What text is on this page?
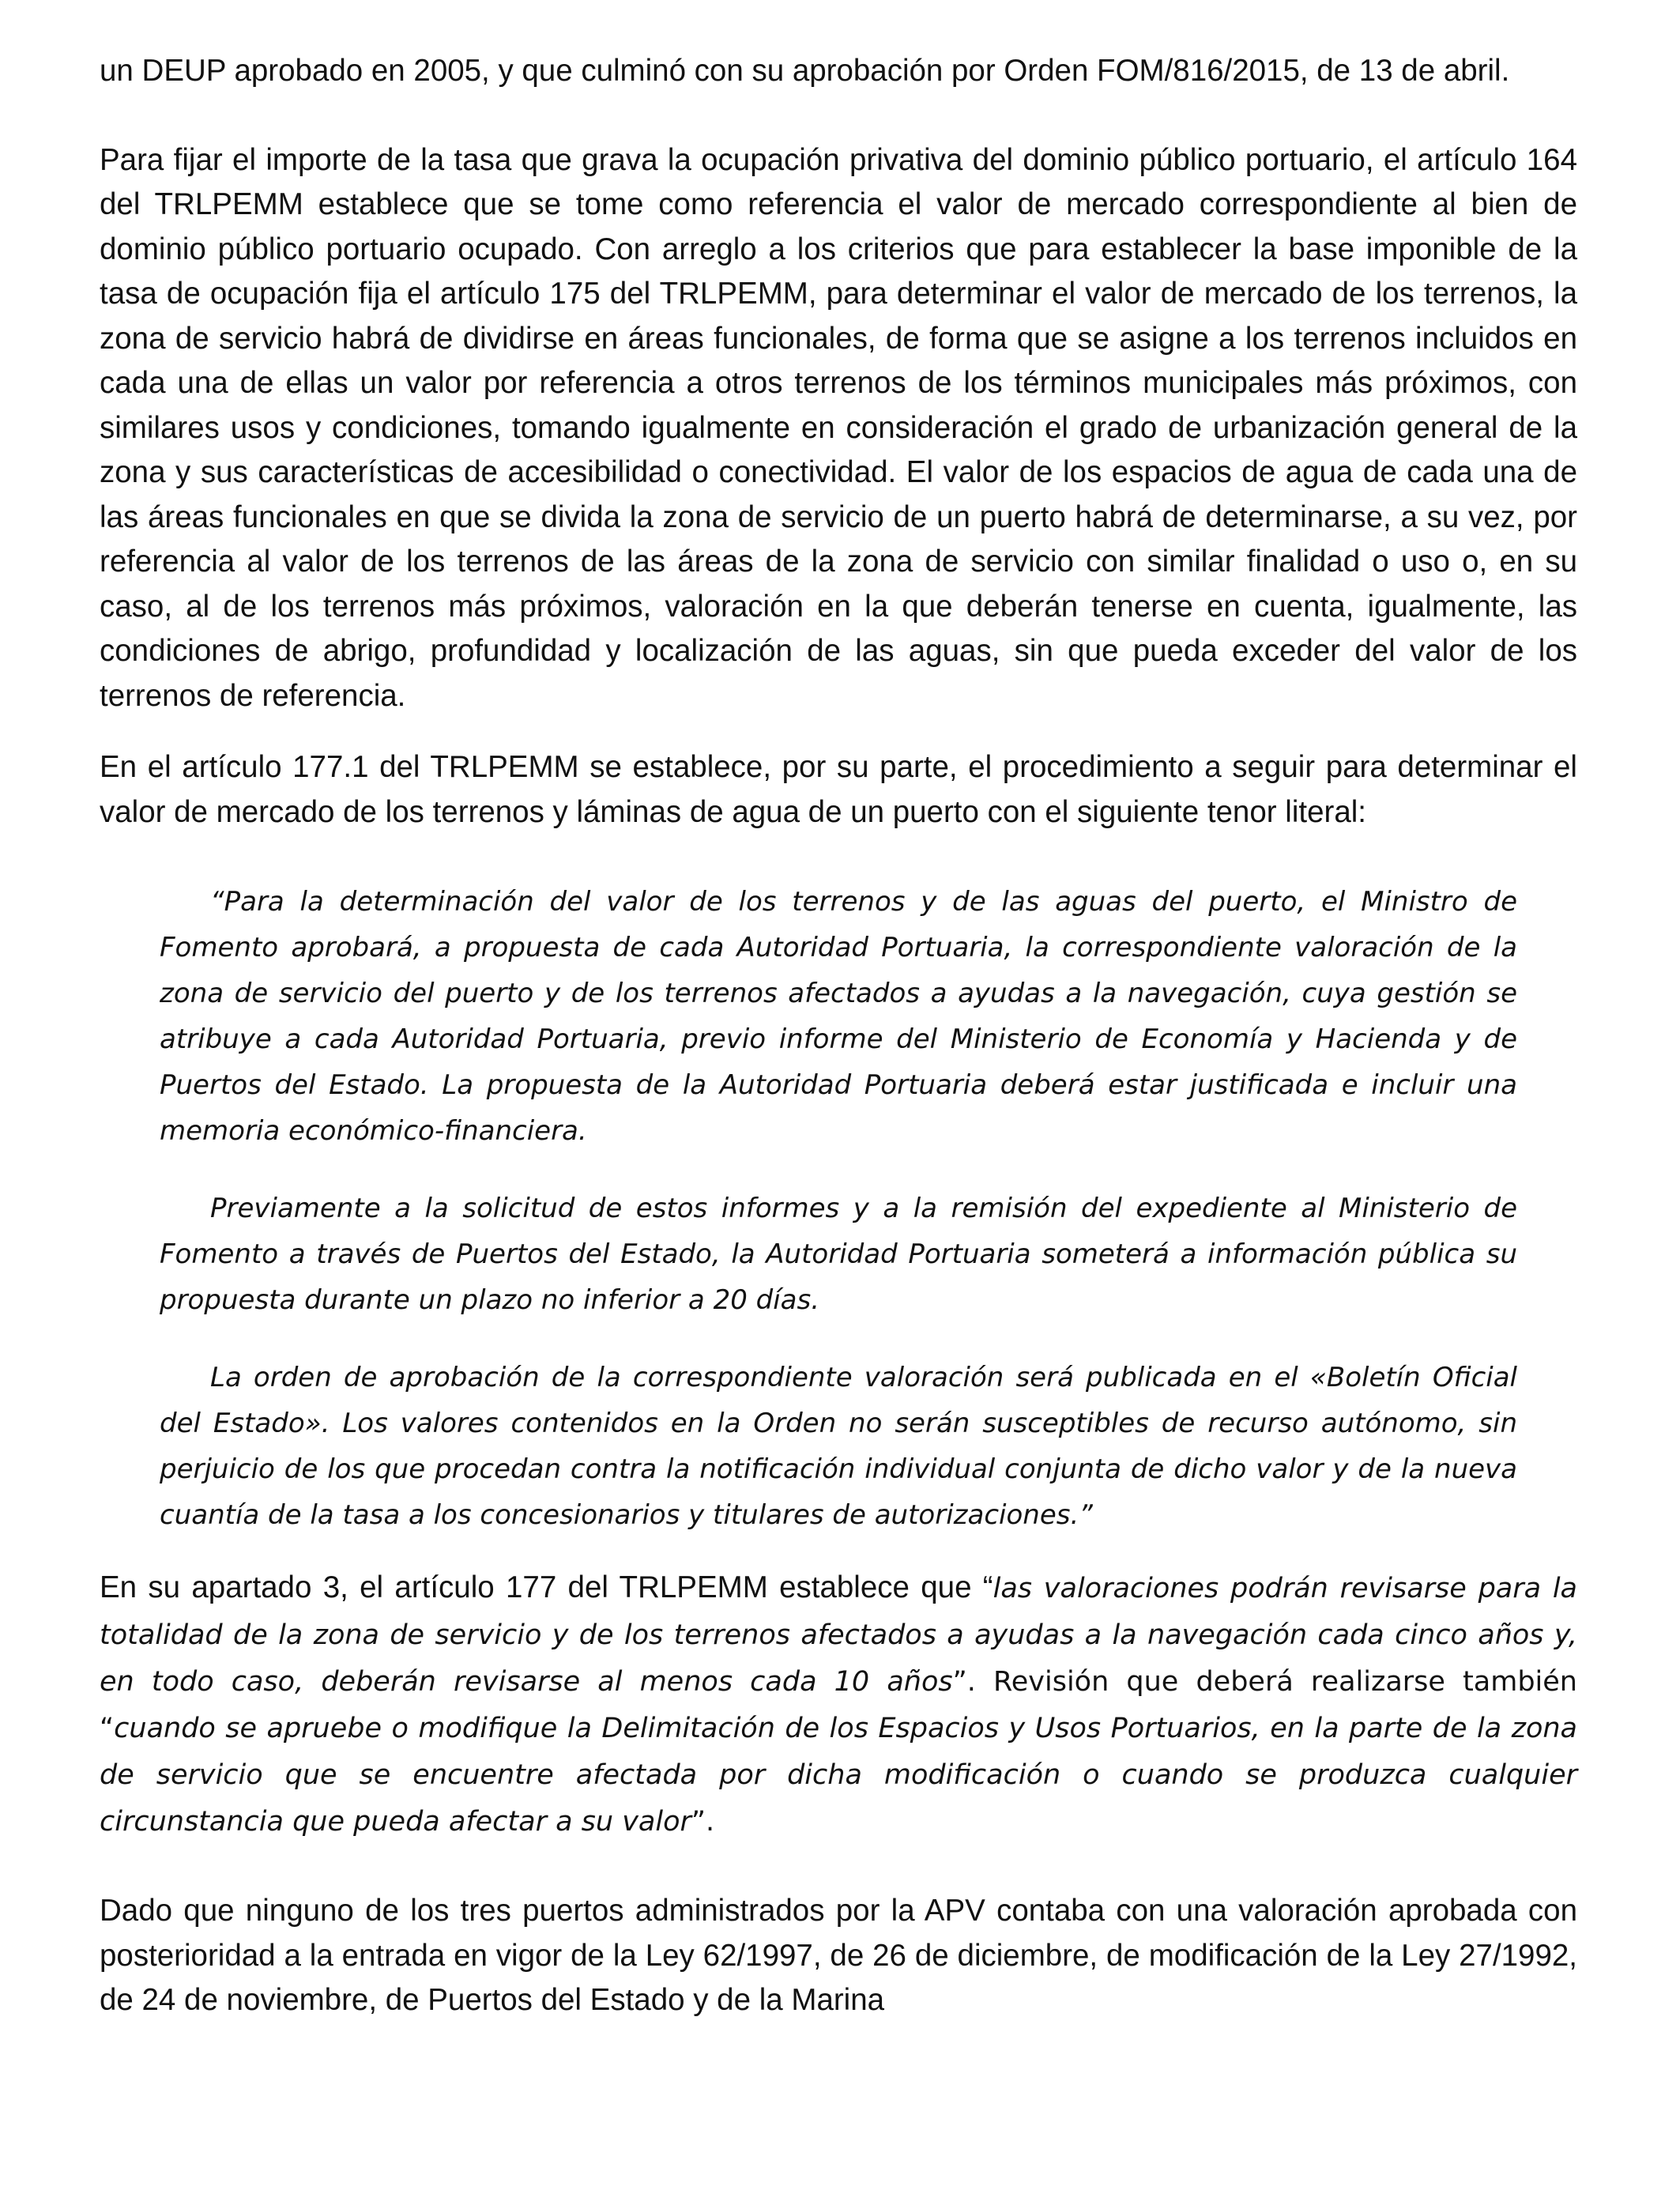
un DEUP aprobado en 2005, y que culminó con su aprobación por Orden FOM/816/2015, de 13 de abril.

Para fijar el importe de la tasa que grava la ocupación privativa del dominio público portuario, el artículo 164 del TRLPEMM establece que se tome como referencia el valor de mercado correspondiente al bien de dominio público portuario ocupado. Con arreglo a los criterios que para establecer la base imponible de la tasa de ocupación fija el artículo 175 del TRLPEMM, para determinar el valor de mercado de los terrenos, la zona de servicio habrá de dividirse en áreas funcionales, de forma que se asigne a los terrenos incluidos en cada una de ellas un valor por referencia a otros terrenos de los términos municipales más próximos, con similares usos y condiciones, tomando igualmente en consideración el grado de urbanización general de la zona y sus características de accesibilidad o conectividad. El valor de los espacios de agua de cada una de las áreas funcionales en que se divida la zona de servicio de un puerto habrá de determinarse, a su vez, por referencia al valor de los terrenos de las áreas de la zona de servicio con similar finalidad o uso o, en su caso, al de los terrenos más próximos, valoración en la que deberán tenerse en cuenta, igualmente, las condiciones de abrigo, profundidad y localización de las aguas, sin que pueda exceder del valor de los terrenos de referencia.

En el artículo 177.1 del TRLPEMM se establece, por su parte, el procedimiento a seguir para determinar el valor de mercado de los terrenos y láminas de agua de un puerto con el siguiente tenor literal:

“Para la determinación del valor de los terrenos y de las aguas del puerto, el Ministro de Fomento aprobará, a propuesta de cada Autoridad Portuaria, la correspondiente valoración de la zona de servicio del puerto y de los terrenos afectados a ayudas a la navegación, cuya gestión se atribuye a cada Autoridad Portuaria, previo informe del Ministerio de Economía y Hacienda y de Puertos del Estado. La propuesta de la Autoridad Portuaria deberá estar justificada e incluir una memoria económico-financiera.

Previamente a la solicitud de estos informes y a la remisión del expediente al Ministerio de Fomento a través de Puertos del Estado, la Autoridad Portuaria someterá a información pública su propuesta durante un plazo no inferior a 20 días.

La orden de aprobación de la correspondiente valoración será publicada en el «Boletín Oficial del Estado». Los valores contenidos en la Orden no serán susceptibles de recurso autónomo, sin perjuicio de los que procedan contra la notificación individual conjunta de dicho valor y de la nueva cuantía de la tasa a los concesionarios y titulares de autorizaciones.”

En su apartado 3, el artículo 177 del TRLPEMM establece que “las valoraciones podrán revisarse para la totalidad de la zona de servicio y de los terrenos afectados a ayudas a la navegación cada cinco años y, en todo caso, deberán revisarse al menos cada 10 años”. Revisión que deberá realizarse también “cuando se apruebe o modifique la Delimitación de los Espacios y Usos Portuarios, en la parte de la zona de servicio que se encuentre afectada por dicha modificación o cuando se produzca cualquier circunstancia que pueda afectar a su valor”.

Dado que ninguno de los tres puertos administrados por la APV contaba con una valoración aprobada con posterioridad a la entrada en vigor de la Ley 62/1997, de 26 de diciembre, de modificación de la Ley 27/1992, de 24 de noviembre, de Puertos del Estado y de la Marina
